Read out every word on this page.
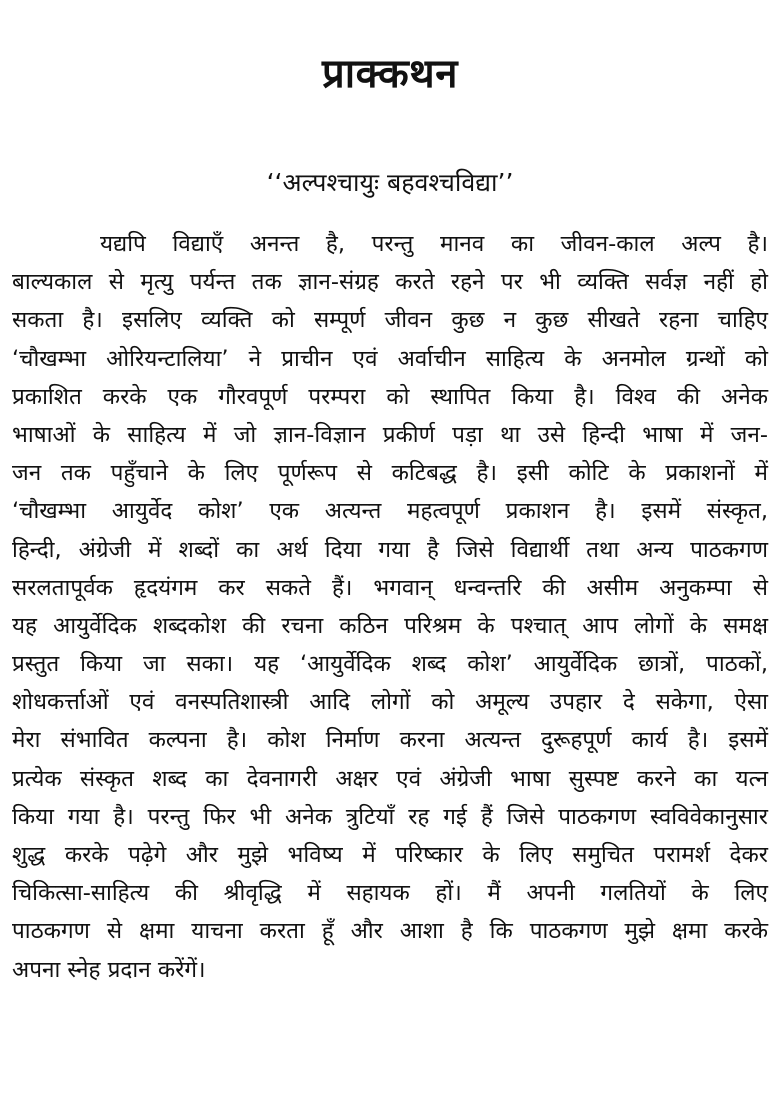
प्राक्कथन
‘‘अल्पश्चायुः बहवश्चविद्या’’
यद्यपि विद्याएँ अनन्त है, परन्तु मानव का जीवन-काल अल्प है।
बाल्यकाल से मृत्यु पर्यन्त तक ज्ञान-संग्रह करते रहने पर भी व्यक्ति सर्वज्ञ नहीं हो
सकता है। इसलिए व्यक्ति को सम्पूर्ण जीवन कुछ न कुछ सीखते रहना चाहिए
‘चौखम्भा ओरियन्टालिया’ ने प्राचीन एवं अर्वाचीन साहित्य के अनमोल ग्रन्थों को
प्रकाशित करके एक गौरवपूर्ण परम्परा को स्थापित किया है। विश्व की अनेक
भाषाओं के साहित्य में जो ज्ञान-विज्ञान प्रकीर्ण पड़ा था उसे हिन्दी भाषा में जन-
जन तक पहुँचाने के लिए पूर्णरूप से कटिबद्ध है। इसी कोटि के प्रकाशनों में
‘चौखम्भा आयुर्वेद कोश’ एक अत्यन्त महत्वपूर्ण प्रकाशन है। इसमें संस्कृत,
हिन्दी, अंग्रेजी में शब्दों का अर्थ दिया गया है जिसे विद्यार्थी तथा अन्य पाठकगण
सरलतापूर्वक हृदयंगम कर सकते हैं। भगवान् धन्वन्तरि की असीम अनुकम्पा से
यह आयुर्वेदिक शब्दकोश की रचना कठिन परिश्रम के पश्चात् आप लोगों के समक्ष
प्रस्तुत किया जा सका। यह ‘आयुर्वेदिक शब्द कोश’ आयुर्वेदिक छात्रों, पाठकों,
शोधकर्त्ताओं एवं वनस्पतिशास्त्री आदि लोगों को अमूल्य उपहार दे सकेगा, ऐसा
मेरा संभावित कल्पना है। कोश निर्माण करना अत्यन्त दुरूहपूर्ण कार्य है। इसमें
प्रत्येक संस्कृत शब्द का देवनागरी अक्षर एवं अंग्रेजी भाषा सुस्पष्ट करने का यत्न
किया गया है। परन्तु फिर भी अनेक त्रुटियाँ रह गई हैं जिसे पाठकगण स्वविवेकानुसार
शुद्ध करके पढ़ेगे और मुझे भविष्य में परिष्कार के लिए समुचित परामर्श देकर
चिकित्सा-साहित्य की श्रीवृद्धि में सहायक हों। मैं अपनी गलतियों के लिए
पाठकगण से क्षमा याचना करता हूँ और आशा है कि पाठकगण मुझे क्षमा करके
अपना स्नेह प्रदान करेंगें।
